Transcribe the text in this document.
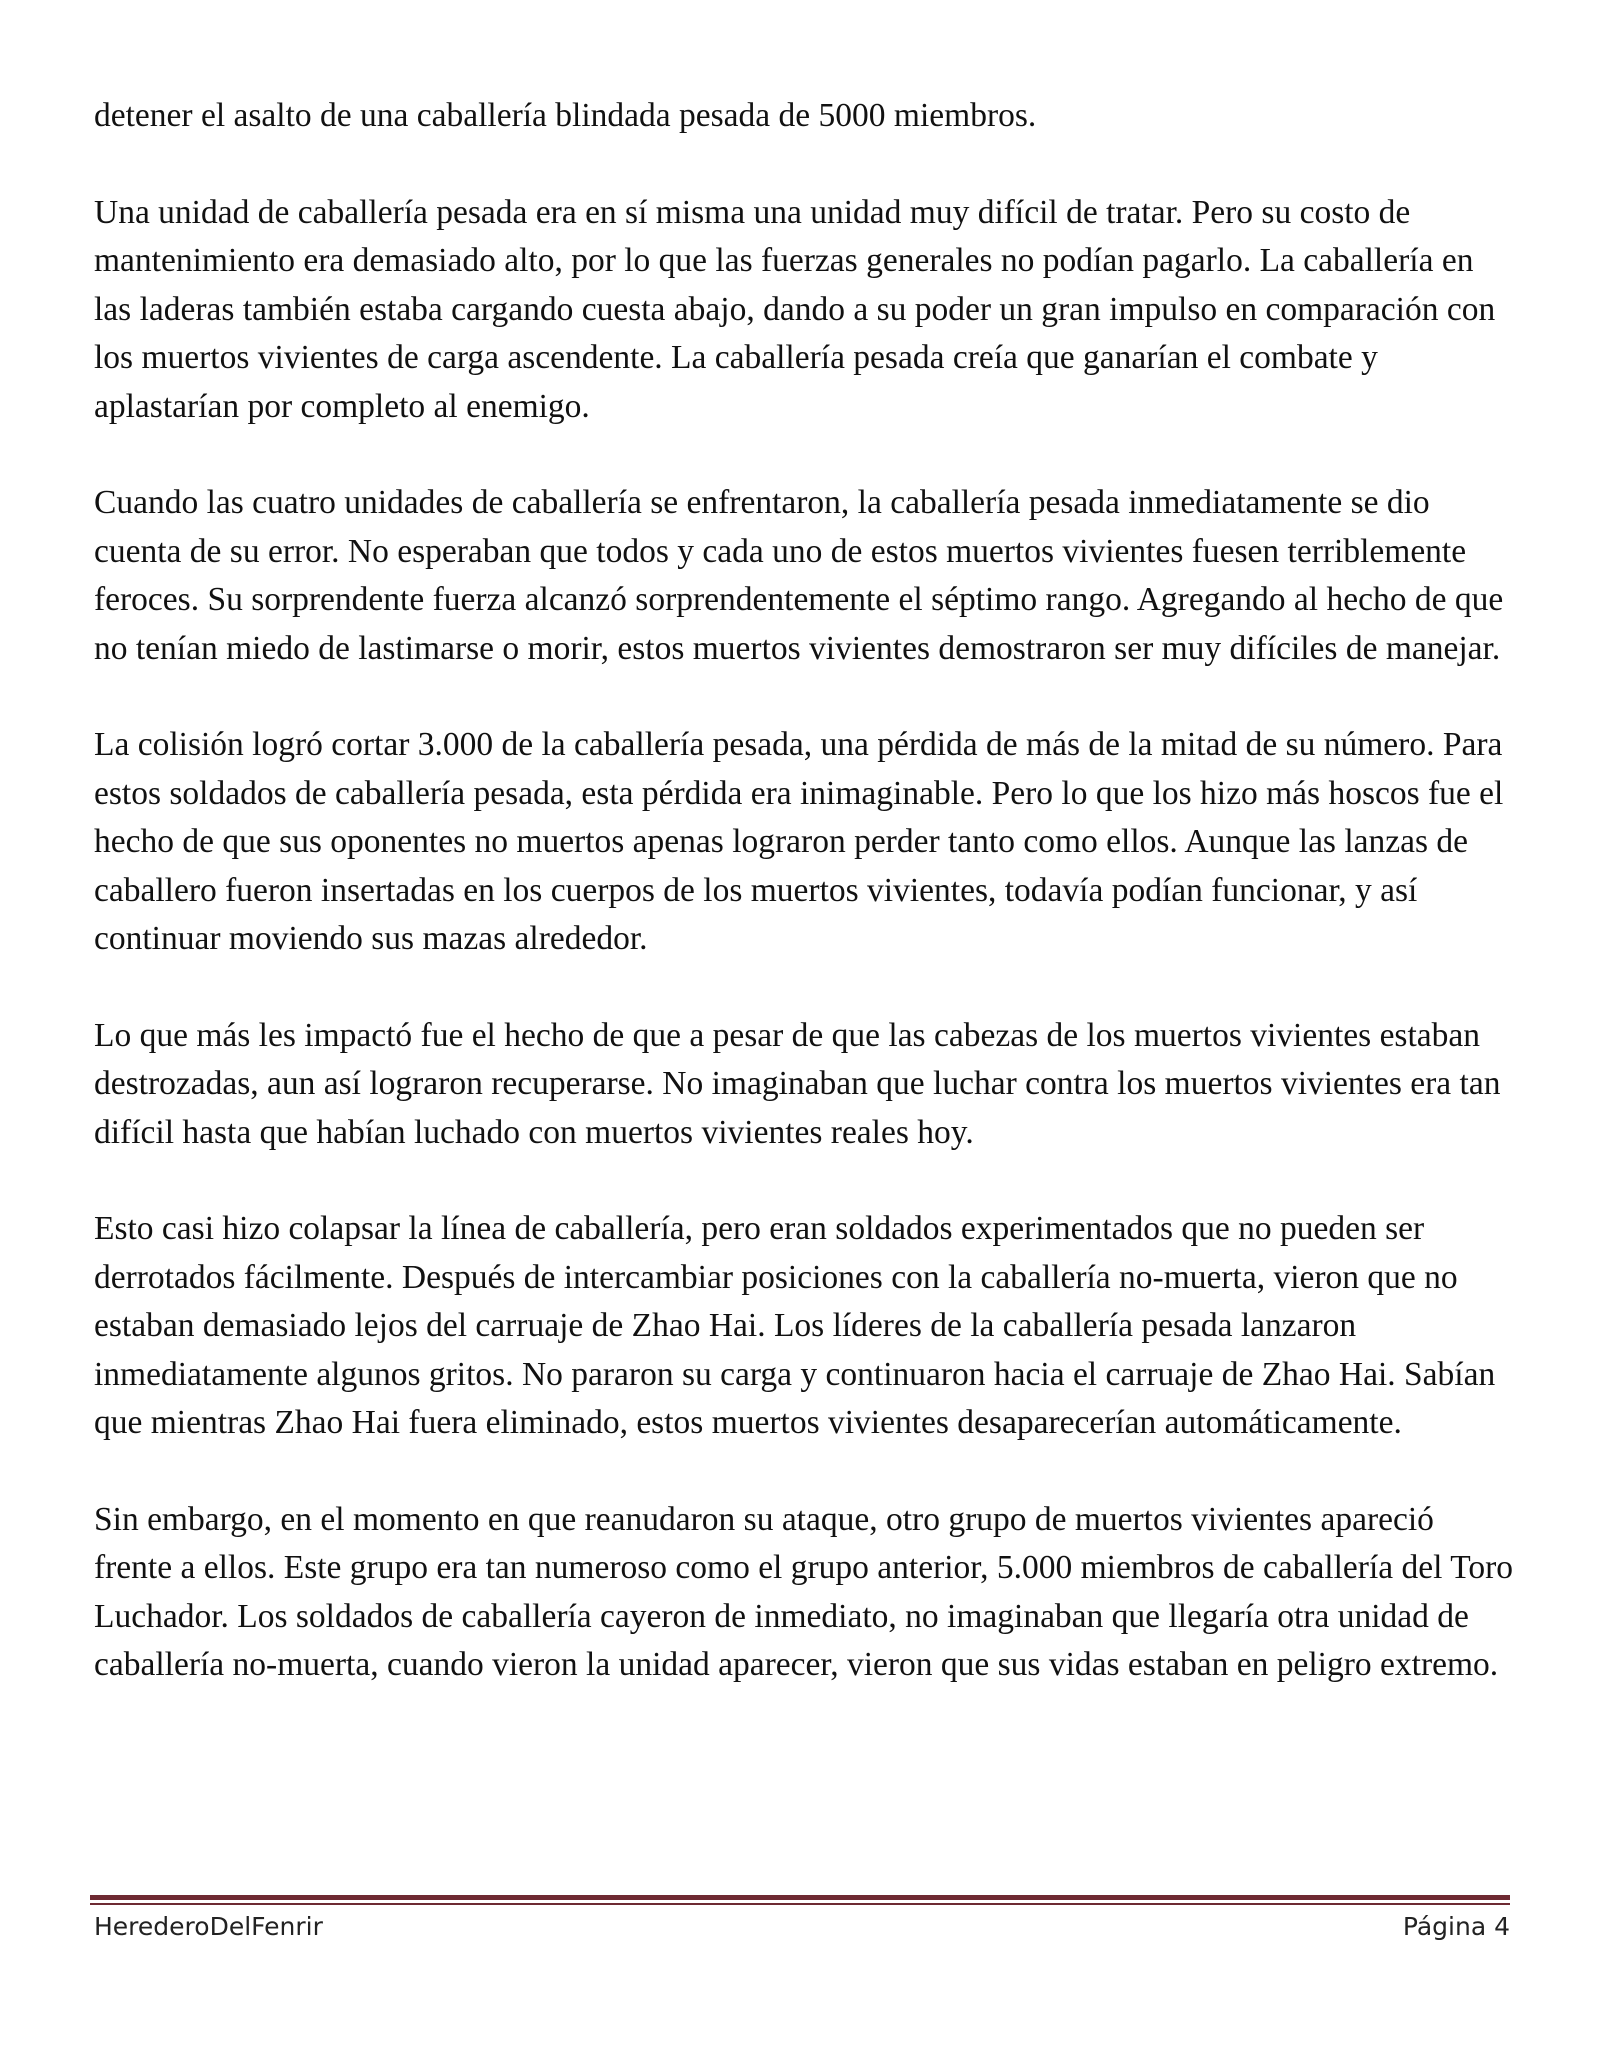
detener el asalto de una caballería blindada pesada de 5000 miembros.

Una unidad de caballería pesada era en sí misma una unidad muy difícil de tratar. Pero su costo de mantenimiento era demasiado alto, por lo que las fuerzas generales no podían pagarlo. La caballería en las laderas también estaba cargando cuesta abajo, dando a su poder un gran impulso en comparación con los muertos vivientes de carga ascendente. La caballería pesada creía que ganarían el combate y aplastarían por completo al enemigo.

Cuando las cuatro unidades de caballería se enfrentaron, la caballería pesada inmediatamente se dio cuenta de su error. No esperaban que todos y cada uno de estos muertos vivientes fuesen terriblemente feroces. Su sorprendente fuerza alcanzó sorprendentemente el séptimo rango. Agregando al hecho de que no tenían miedo de lastimarse o morir, estos muertos vivientes demostraron ser muy difíciles de manejar.

La colisión logró cortar 3.000 de la caballería pesada, una pérdida de más de la mitad de su número. Para estos soldados de caballería pesada, esta pérdida era inimaginable. Pero lo que los hizo más hoscos fue el hecho de que sus oponentes no muertos apenas lograron perder tanto como ellos. Aunque las lanzas de caballero fueron insertadas en los cuerpos de los muertos vivientes, todavía podían funcionar, y así continuar moviendo sus mazas alrededor.

Lo que más les impactó fue el hecho de que a pesar de que las cabezas de los muertos vivientes estaban destrozadas, aun así lograron recuperarse. No imaginaban que luchar contra los muertos vivientes era tan difícil hasta que habían luchado con muertos vivientes reales hoy.

Esto casi hizo colapsar la línea de caballería, pero eran soldados experimentados que no pueden ser derrotados fácilmente. Después de intercambiar posiciones con la caballería no-muerta, vieron que no estaban demasiado lejos del carruaje de Zhao Hai. Los líderes de la caballería pesada lanzaron inmediatamente algunos gritos. No pararon su carga y continuaron hacia el carruaje de Zhao Hai. Sabían que mientras Zhao Hai fuera eliminado, estos muertos vivientes desaparecerían automáticamente.

Sin embargo, en el momento en que reanudaron su ataque, otro grupo de muertos vivientes apareció frente a ellos. Este grupo era tan numeroso como el grupo anterior, 5.000 miembros de caballería del Toro Luchador. Los soldados de caballería cayeron de inmediato, no imaginaban que llegaría otra unidad de caballería no-muerta, cuando vieron la unidad aparecer, vieron que sus vidas estaban en peligro extremo.

HerederoDelFenrir	Página 4
